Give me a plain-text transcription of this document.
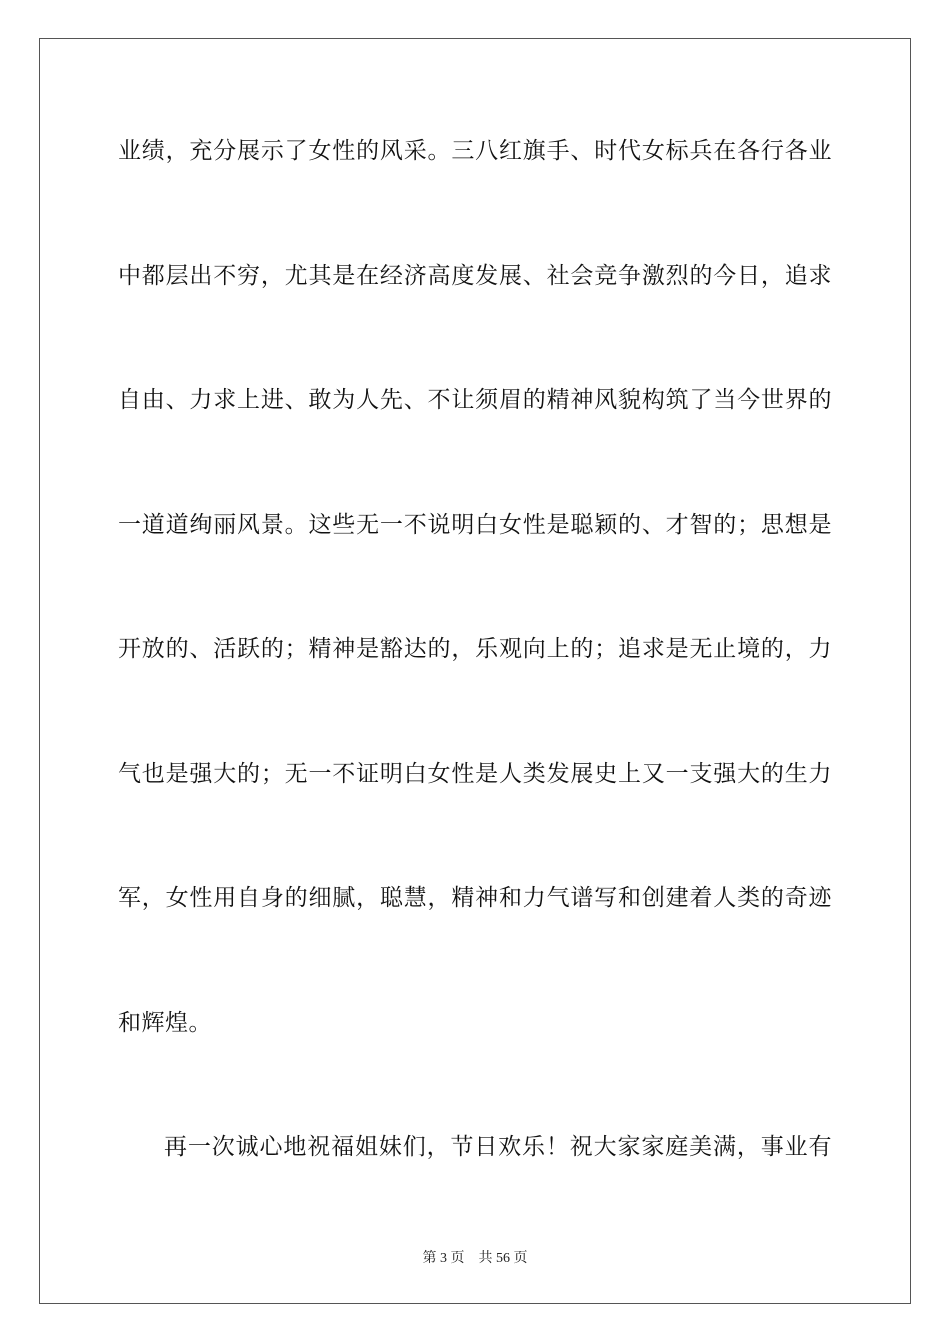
业绩，充分展示了女性的风采。三八红旗手、时代女标兵在各行各业
中都层出不穷，尤其是在经济高度发展、社会竞争激烈的今日，追求
自由、力求上进、敢为人先、不让须眉的精神风貌构筑了当今世界的
一道道绚丽风景。这些无一不说明白女性是聪颖的、才智的；思想是
开放的、活跃的；精神是豁达的，乐观向上的；追求是无止境的，力
气也是强大的；无一不证明白女性是人类发展史上又一支强大的生力
军，女性用自身的细腻，聪慧，精神和力气谱写和创建着人类的奇迹
和辉煌。
再一次诚心地祝福姐妹们，节日欢乐！祝大家家庭美满，事业有
第 3 页 共 56 页
